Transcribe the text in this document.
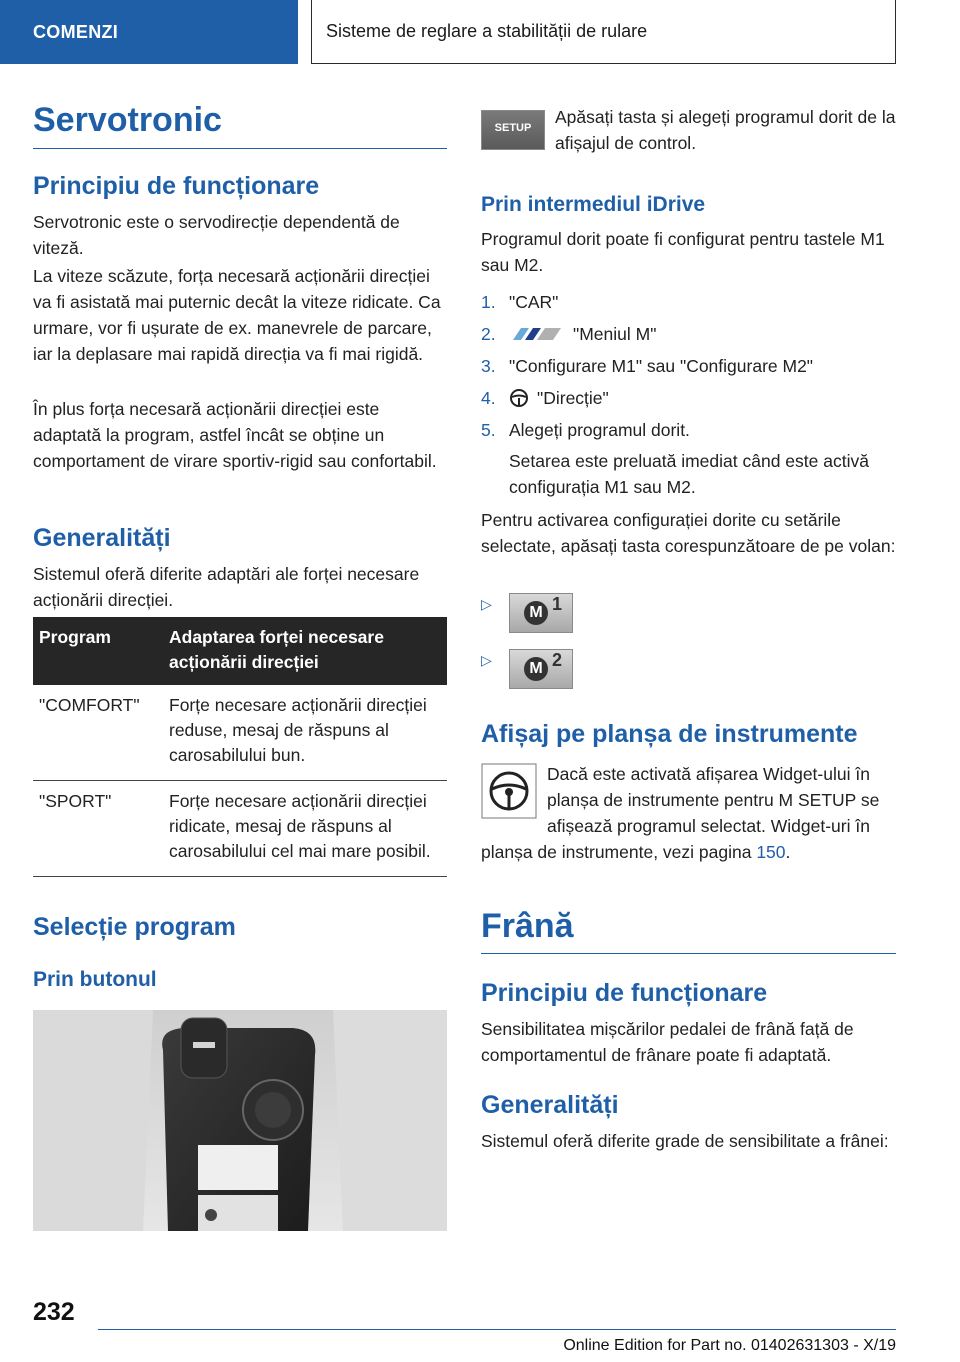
COMENZI	Sisteme de reglare a stabilității de rulare
Servotronic
Principiu de funcționare

Servotronic este o servodirecție dependentă de viteză.

La viteze scăzute, forța necesară acționării direcției va fi asistată mai puternic decât la viteze ridicate. Ca urmare, vor fi ușurate de ex. manevrele de parcare, iar la deplasare mai rapidă direcția va fi mai rigidă.

În plus forța necesară acționării direcției este adaptată la program, astfel încât se obține un comportament de virare sportiv-rigid sau confortabil.

Generalități

Sistemul oferă diferite adaptări ale forței necesare acționării direcției.

Program	Adaptarea forței necesare acționării direcției
"COMFORT"	Forțe necesare acționării direcției reduse, mesaj de răspuns al carosabilului bun.
"SPORT"	Forțe necesare acționării direcției ridicate, mesaj de răspuns al carosabilului cel mai mare posibil.
Selecție program
Prin butonul
SETUP

Apăsați tasta și alegeți programul dorit de la afișajul de control.

Prin intermediul iDrive

Programul dorit poate fi configurat pentru tastele M1 sau M2.

1. "CAR"
2.	"Meniul M"
3. "Configurare M1" sau "Configurare M2"
4. "Direcție"
5. Alegeți programul dorit.

Setarea este preluată imediat când este activă configurația M1 sau M2.

Pentru activarea configurației dorite cu setările selectate, apăsați tasta corespunzătoare de pe volan:

▷	M 1
▷	M 2
Afișaj pe planșa de instrumente

Dacă este activată afișarea Widget-ului în planșa de instrumente pentru M SETUP se afișează programul selectat. Widget-uri în planșa de instrumente, vezi pagina 150.

Frână
Principiu de funcționare

Sensibilitatea mișcărilor pedalei de frână față de comportamentul de frânare poate fi adaptată.

Generalități

Sistemul oferă diferite grade de sensibilitate a frânei:

232
Online Edition for Part no. 01402631303 - X/19
